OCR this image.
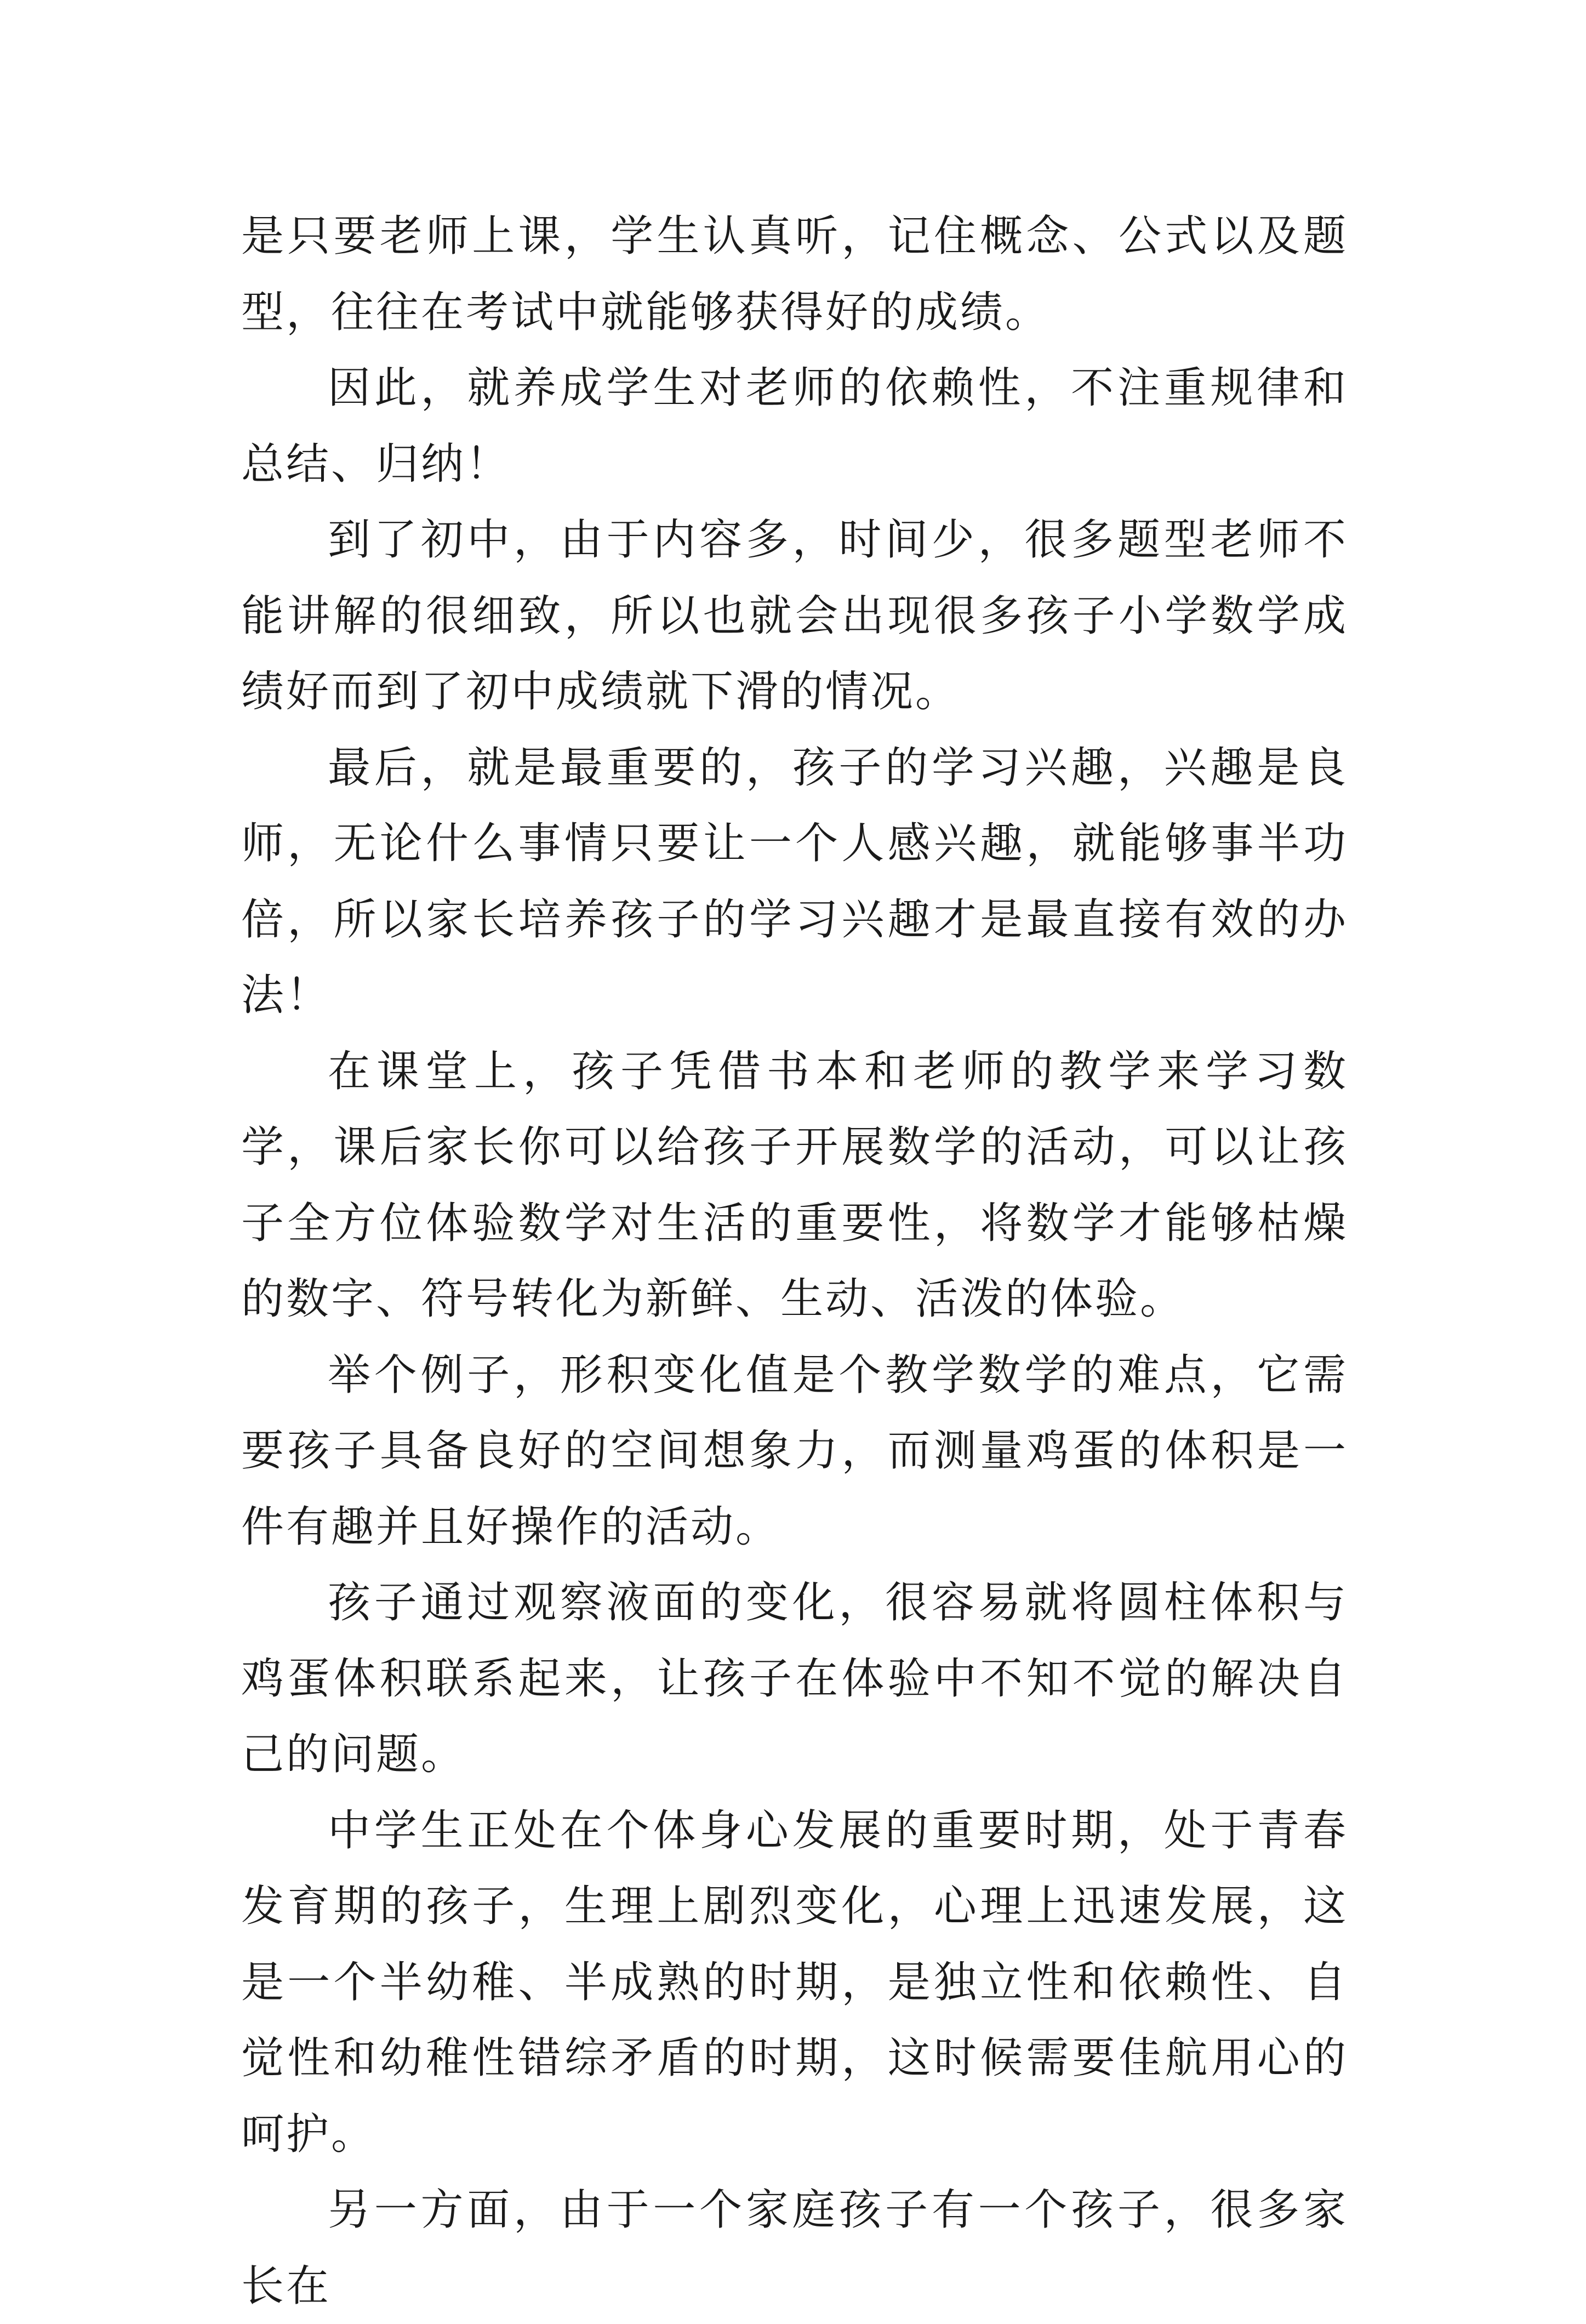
是只要老师上课，学生认真听，记住概念、公式以及题型，往往在考试中就能够获得好的成绩。

因此，就养成学生对老师的依赖性，不注重规律和总结、归纳！

到了初中，由于内容多，时间少，很多题型老师不能讲解的很细致，所以也就会出现很多孩子小学数学成绩好而到了初中成绩就下滑的情况。

最后，就是最重要的，孩子的学习兴趣，兴趣是良师，无论什么事情只要让一个人感兴趣，就能够事半功倍，所以家长培养孩子的学习兴趣才是最直接有效的办法！

在课堂上，孩子凭借书本和老师的教学来学习数学，课后家长你可以给孩子开展数学的活动，可以让孩子全方位体验数学对生活的重要性，将数学才能够枯燥的数字、符号转化为新鲜、生动、活泼的体验。

举个例子，形积变化值是个教学数学的难点，它需要孩子具备良好的空间想象力，而测量鸡蛋的体积是一件有趣并且好操作的活动。

孩子通过观察液面的变化，很容易就将圆柱体积与鸡蛋体积联系起来，让孩子在体验中不知不觉的解决自己的问题。

中学生正处在个体身心发展的重要时期，处于青春发育期的孩子，生理上剧烈变化，心理上迅速发展，这是一个半幼稚、半成熟的时期，是独立性和依赖性、自觉性和幼稚性错综矛盾的时期，这时候需要佳航用心的呵护。

另一方面，由于一个家庭孩子有一个孩子，很多家长在
